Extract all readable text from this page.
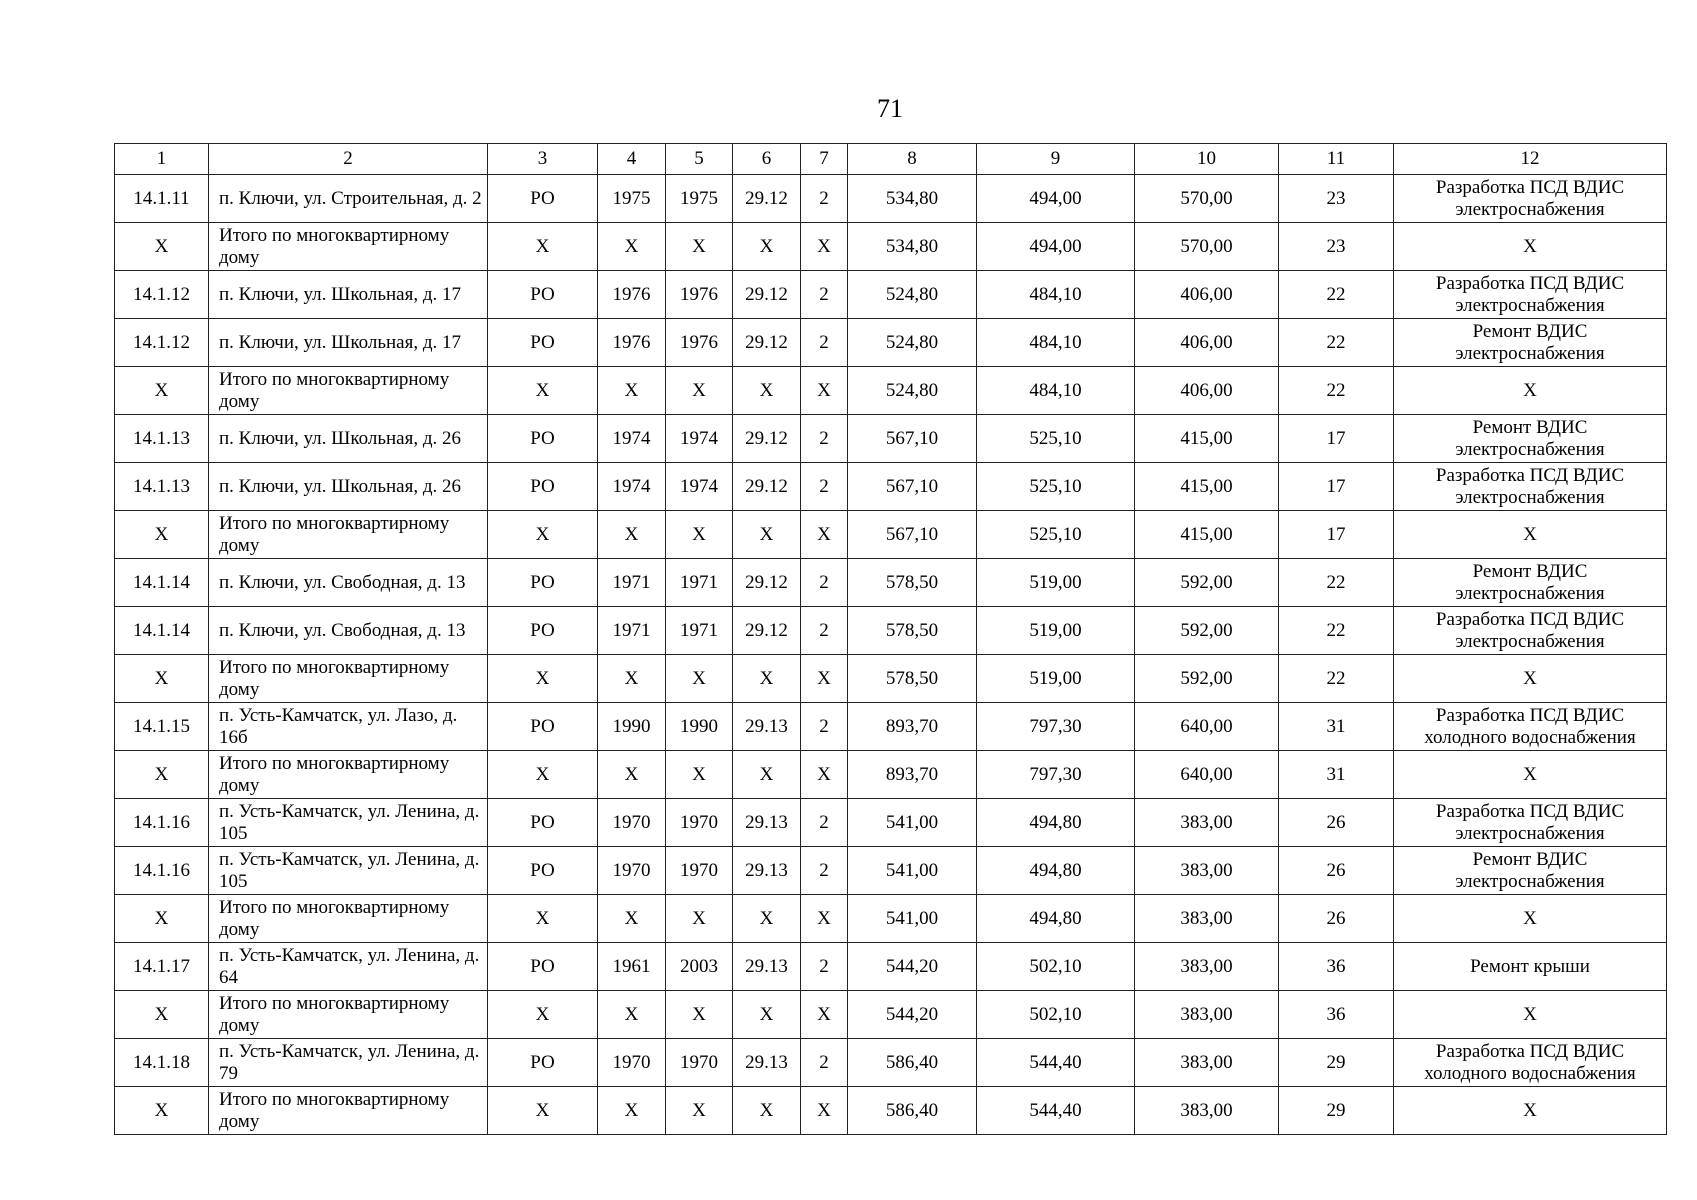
71
1	2	3	4	5	6	7	8	9	10	11	12
14.1.11	п. Ключи, ул. Строительная, д. 2	РО	1975	1975	29.12	2	534,80	494,00	570,00	23	Разработка ПСД ВДИС электроснабжения
Х	Итого по многоквартирному дому	Х	Х	Х	Х	Х	534,80	494,00	570,00	23	Х
14.1.12	п. Ключи, ул. Школьная, д. 17	РО	1976	1976	29.12	2	524,80	484,10	406,00	22	Разработка ПСД ВДИС электроснабжения
14.1.12	п. Ключи, ул. Школьная, д. 17	РО	1976	1976	29.12	2	524,80	484,10	406,00	22	Ремонт ВДИС электроснабжения
Х	Итого по многоквартирному дому	Х	Х	Х	Х	Х	524,80	484,10	406,00	22	Х
14.1.13	п. Ключи, ул. Школьная, д. 26	РО	1974	1974	29.12	2	567,10	525,10	415,00	17	Ремонт ВДИС электроснабжения
14.1.13	п. Ключи, ул. Школьная, д. 26	РО	1974	1974	29.12	2	567,10	525,10	415,00	17	Разработка ПСД ВДИС электроснабжения
Х	Итого по многоквартирному дому	Х	Х	Х	Х	Х	567,10	525,10	415,00	17	Х
14.1.14	п. Ключи, ул. Свободная, д. 13	РО	1971	1971	29.12	2	578,50	519,00	592,00	22	Ремонт ВДИС электроснабжения
14.1.14	п. Ключи, ул. Свободная, д. 13	РО	1971	1971	29.12	2	578,50	519,00	592,00	22	Разработка ПСД ВДИС электроснабжения
Х	Итого по многоквартирному дому	Х	Х	Х	Х	Х	578,50	519,00	592,00	22	Х
14.1.15	п. Усть-Камчатск, ул. Лазо, д. 16б	РО	1990	1990	29.13	2	893,70	797,30	640,00	31	Разработка ПСД ВДИС холодного водоснабжения
Х	Итого по многоквартирному дому	Х	Х	Х	Х	Х	893,70	797,30	640,00	31	Х
14.1.16	п. Усть-Камчатск, ул. Ленина, д. 105	РО	1970	1970	29.13	2	541,00	494,80	383,00	26	Разработка ПСД ВДИС электроснабжения
14.1.16	п. Усть-Камчатск, ул. Ленина, д. 105	РО	1970	1970	29.13	2	541,00	494,80	383,00	26	Ремонт ВДИС электроснабжения
Х	Итого по многоквартирному дому	Х	Х	Х	Х	Х	541,00	494,80	383,00	26	Х
14.1.17	п. Усть-Камчатск, ул. Ленина, д. 64	РО	1961	2003	29.13	2	544,20	502,10	383,00	36	Ремонт крыши
Х	Итого по многоквартирному дому	Х	Х	Х	Х	Х	544,20	502,10	383,00	36	Х
14.1.18	п. Усть-Камчатск, ул. Ленина, д. 79	РО	1970	1970	29.13	2	586,40	544,40	383,00	29	Разработка ПСД ВДИС холодного водоснабжения
Х	Итого по многоквартирному дому	Х	Х	Х	Х	Х	586,40	544,40	383,00	29	Х
